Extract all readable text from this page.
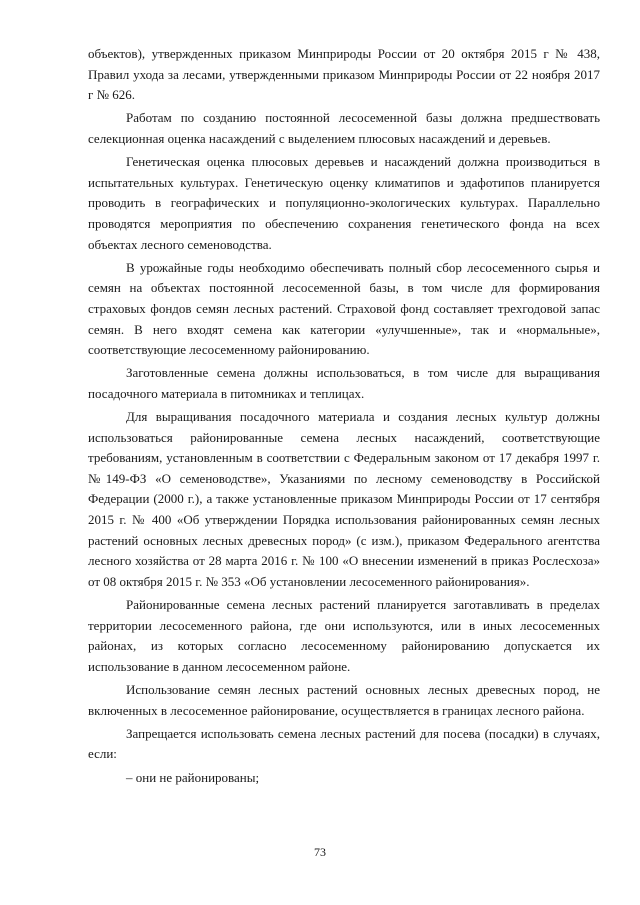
объектов), утвержденных приказом Минприроды России от 20 октября 2015 г № 438, Правил ухода за лесами, утвержденными приказом Минприроды России от 22 ноября 2017 г № 626.

Работам по созданию постоянной лесосеменной базы должна предшествовать селекционная оценка насаждений с выделением плюсовых насаждений и деревьев.

Генетическая оценка плюсовых деревьев и насаждений должна производиться в испытательных культурах. Генетическую оценку климатипов и эдафотипов планируется проводить в географических и популяционно-экологических культурах. Параллельно проводятся мероприятия по обеспечению сохранения генетического фонда на всех объектах лесного семеноводства.

В урожайные годы необходимо обеспечивать полный сбор лесосеменного сырья и семян на объектах постоянной лесосеменной базы, в том числе для формирования страховых фондов семян лесных растений. Страховой фонд составляет трехгодовой запас семян. В него входят семена как категории «улучшенные», так и «нормальные», соответствующие лесосеменному районированию.

Заготовленные семена должны использоваться, в том числе для выращивания посадочного материала в питомниках и теплицах.

Для выращивания посадочного материала и создания лесных культур должны использоваться районированные семена лесных насаждений, соответствующие требованиям, установленным в соответствии с Федеральным законом от 17 декабря 1997 г. №149-ФЗ «О семеноводстве», Указаниями по лесному семеноводству в Российской Федерации (2000 г.), а также установленные приказом Минприроды России от 17 сентября 2015 г. № 400 «Об утверждении Порядка использования районированных семян лесных растений основных лесных древесных пород» (с изм.), приказом Федерального агентства лесного хозяйства от 28 марта 2016 г. № 100 «О внесении изменений в приказ Рослесхоза» от 08 октября 2015 г. № 353 «Об установлении лесосеменного районирования».

Районированные семена лесных растений планируется заготавливать в пределах территории лесосеменного района, где они используются, или в иных лесосеменных районах, из которых согласно лесосеменному районированию допускается их использование в данном лесосеменном районе.

Использование семян лесных растений основных лесных древесных пород, не включенных в лесосеменное районирование, осуществляется в границах лесного района.

Запрещается использовать семена лесных растений для посева (посадки) в случаях, если:

– они не районированы;

73
